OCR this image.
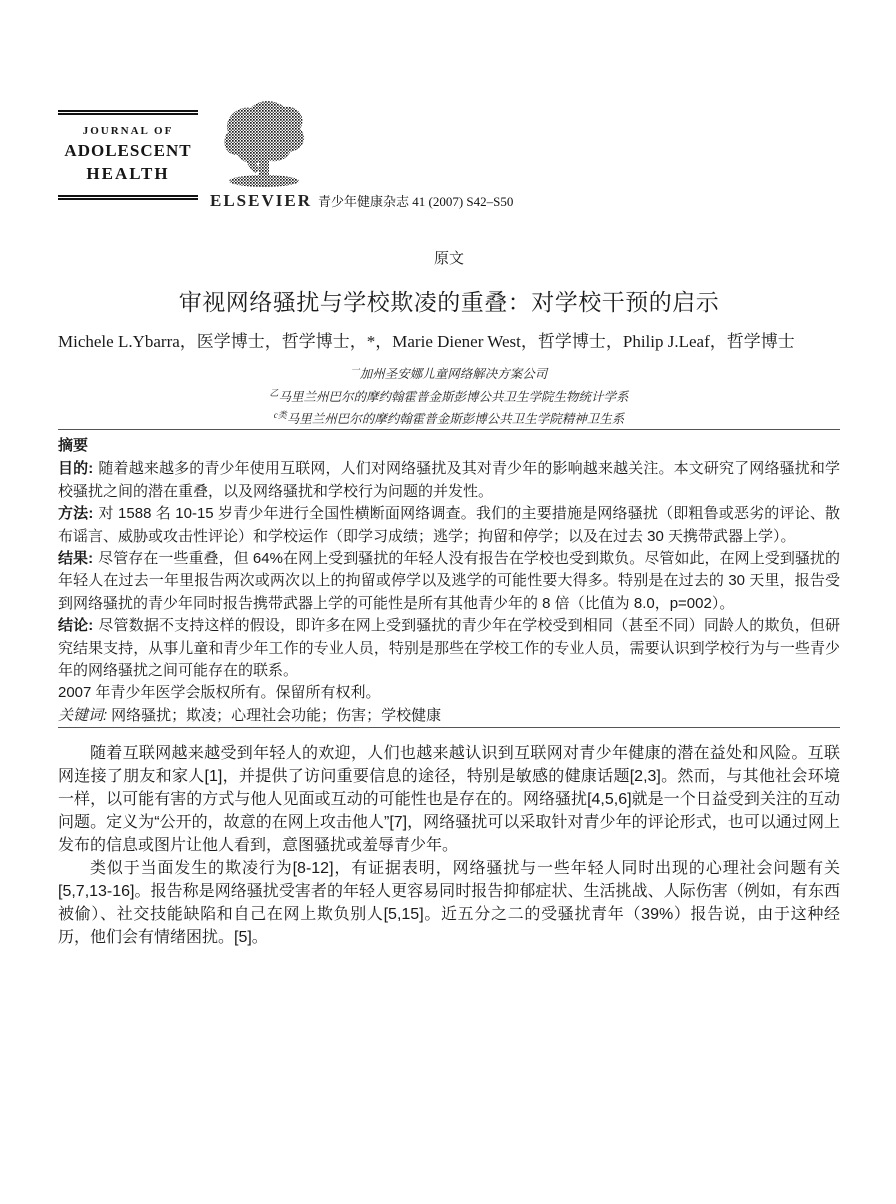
JOURNAL OF
ADOLESCENT
HEALTH
ELSEVIER 青少年健康杂志 41 (2007) S42–S50
原文
审视网络骚扰与学校欺凌的重叠：对学校干预的启示
Michele L.Ybarra，医学博士，哲学博士，*，Marie Diener West，哲学博士，Philip J.Leaf，哲学博士
$^一$加州圣安娜儿童网络解决方案公司
$^乙$马里兰州巴尔的摩约翰霍普金斯彭博公共卫生学院生物统计学系
$^{c类}$马里兰州巴尔的摩约翰霍普金斯彭博公共卫生学院精神卫生系
摘要

目的: 随着越来越多的青少年使用互联网，人们对网络骚扰及其对青少年的影响越来越关注。本文研究了网络骚扰和学校骚扰之间的潜在重叠，以及网络骚扰和学校行为问题的并发性。

方法: 对 1588 名 10-15 岁青少年进行全国性横断面网络调查。我们的主要措施是网络骚扰（即粗鲁或恶劣的评论、散布谣言、威胁或攻击性评论）和学校运作（即学习成绩；逃学；拘留和停学；以及在过去 30 天携带武器上学）。

结果: 尽管存在一些重叠，但 64%在网上受到骚扰的年轻人没有报告在学校也受到欺负。尽管如此，在网上受到骚扰的年轻人在过去一年里报告两次或两次以上的拘留或停学以及逃学的可能性要大得多。特别是在过去的 30 天里，报告受到网络骚扰的青少年同时报告携带武器上学的可能性是所有其他青少年的 8 倍（比值为 8.0，p=002）。

结论: 尽管数据不支持这样的假设，即许多在网上受到骚扰的青少年在学校受到相同（甚至不同）同龄人的欺负，但研究结果支持，从事儿童和青少年工作的专业人员，特别是那些在学校工作的专业人员，需要认识到学校行为与一些青少年的网络骚扰之间可能存在的联系。

2007 年青少年医学会版权所有。保留所有权利。

关键词: 网络骚扰；欺凌；心理社会功能；伤害；学校健康

随着互联网越来越受到年轻人的欢迎，人们也越来越认识到互联网对青少年健康的潜在益处和风险。互联网连接了朋友和家人[1]，并提供了访问重要信息的途径，特别是敏感的健康话题[2,3]。然而，与其他社会环境一样，以可能有害的方式与他人见面或互动的可能性也是存在的。网络骚扰[4,5,6]就是一个日益受到关注的互动问题。定义为“公开的，故意的在网上攻击他人”[7]，网络骚扰可以采取针对青少年的评论形式，也可以通过网上发布的信息或图片让他人看到，意图骚扰或羞辱青少年。

类似于当面发生的欺凌行为[8-12]，有证据表明，网络骚扰与一些年轻人同时出现的心理社会问题有关[5,7,13-16]。报告称是网络骚扰受害者的年轻人更容易同时报告抑郁症状、生活挑战、人际伤害（例如，有东西被偷）、社交技能缺陷和自己在网上欺负别人[5,15]。近五分之二的受骚扰青年（39%）报告说，由于这种经历，他们会有情绪困扰。[5]。
